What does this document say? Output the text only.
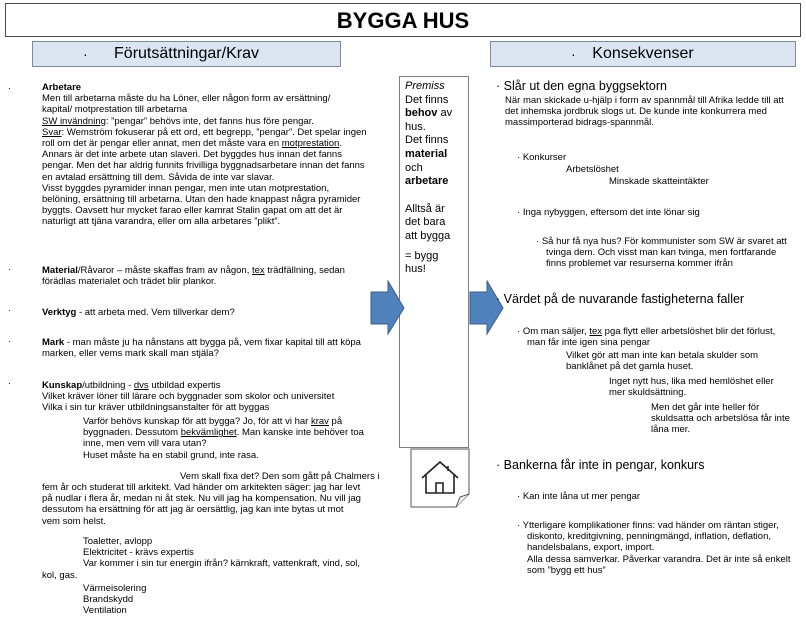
BYGGA HUS
· Förutsättningar/Krav	· Konsekvenser
·	Arbetare
Men till arbetarna måste du ha Löner, eller någon form av ersättning/
kapital/ motprestation till arbetarna
SW invändning: ”pengar” behövs inte, det fanns hus före pengar.
Svar: Wemström fokuserar på ett ord, ett begrepp, ”pengar”. Det spelar ingen
roll om det är pengar eller annat, men det måste vara en motprestation.
Annars är det inte arbete utan slaveri. Det byggdes hus innan det fanns
pengar. Men det har aldrig funnits frivilliga byggnadsarbetare innan det fanns
en avtalad ersättning till dem. Såvida de inte var slavar.
Visst byggdes pyramider innan pengar, men inte utan motprestation,
belöning, ersättning till arbetarna. Utan den hade knappast några pyramider
byggts. Oavsett hur mycket farao eller kamrat Stalin gapat om att det är
naturligt att tjäna varandra, eller om alla arbetares ”plikt”.
·	Material/Råvaror – måste skaffas fram av någon, tex trädfällning, sedan
förädlas materialet och trädet blir plankor.
·	Verktyg - att arbeta med. Vem tillverkar dem?
·	Mark - man måste ju ha nånstans att bygga på, vem fixar kapital till att köpa
marken, eller vems mark skall man stjäla?
·	Kunskap/utbildning - dvs utbildad expertis
Vilket kräver löner till lärare och byggnader som skolor och universitet
Vilka i sin tur kräver utbildningsanstalter för att byggas
Varför behövs kunskap för att bygga? Jo, för att vi har krav på
byggnaden. Dessutom bekvämlighet. Man kanske inte behöver toa
inne, men vem vill vara utan?
Huset måste ha en stabil grund, inte rasa.
Vem skall fixa det? Den som gått på Chalmers i
fem år och studerat till arkitekt. Vad händer om arkitekten säger: jag har levt
på nudlar i flera år, medan ni åt stek. Nu vill jag ha kompensation. Nu vill jag
dessutom ha ersättning för att jag är oersättlig, jag kan inte bytas ut mot
vem som helst.
Toaletter, avlopp
Elektricitet - krävs expertis
Var kommer i sin tur energin ifrån? kärnkraft, vattenkraft, vind, sol,
kol, gas.
Värmeisolering
Brandskydd
Ventilation
Premiss
Det finns
behov av
hus.
Det finns
material
och
arbetare
Alltså är
det bara
att bygga
= bygg
hus!
· Slår ut den egna byggsektorn
När man skickade u-hjälp i form av spannmål till Afrika ledde till att
det inhemska jordbruk slogs ut. De kunde inte konkurrera med
massimporterad bidrags-spannmål.
· Konkurser
Arbetslöshet
Minskade skatteintäkter
· Inga nybyggen, eftersom det inte lönar sig
· Så hur få nya hus? För kommunister som SW är svaret att
tvinga dem. Och visst man kan tvinga, men fortfarande
finns problemet var resurserna kommer ifrån
· Värdet på de nuvarande fastigheterna faller
· Om man säljer, tex pga flytt eller arbetslöshet blir det förlust,
man får inte igen sina pengar
Vilket gör att man inte kan betala skulder som
banklånet på det gamla huset.
Inget nytt hus, lika med hemlöshet eller
mer skuldsättning.
Men det går inte heller för
skuldsatta och arbetslösa får inte
låna mer.
· Bankerna får inte in pengar, konkurs
· Kan inte låna ut mer pengar
· Ytterligare komplikationer finns: vad händer om räntan stiger,
diskonto, kreditgivning, penningmängd, inflation, deflation,
handelsbalans, export, import.
Alla dessa samverkar. Påverkar varandra. Det är inte så enkelt
som ”bygg ett hus”
